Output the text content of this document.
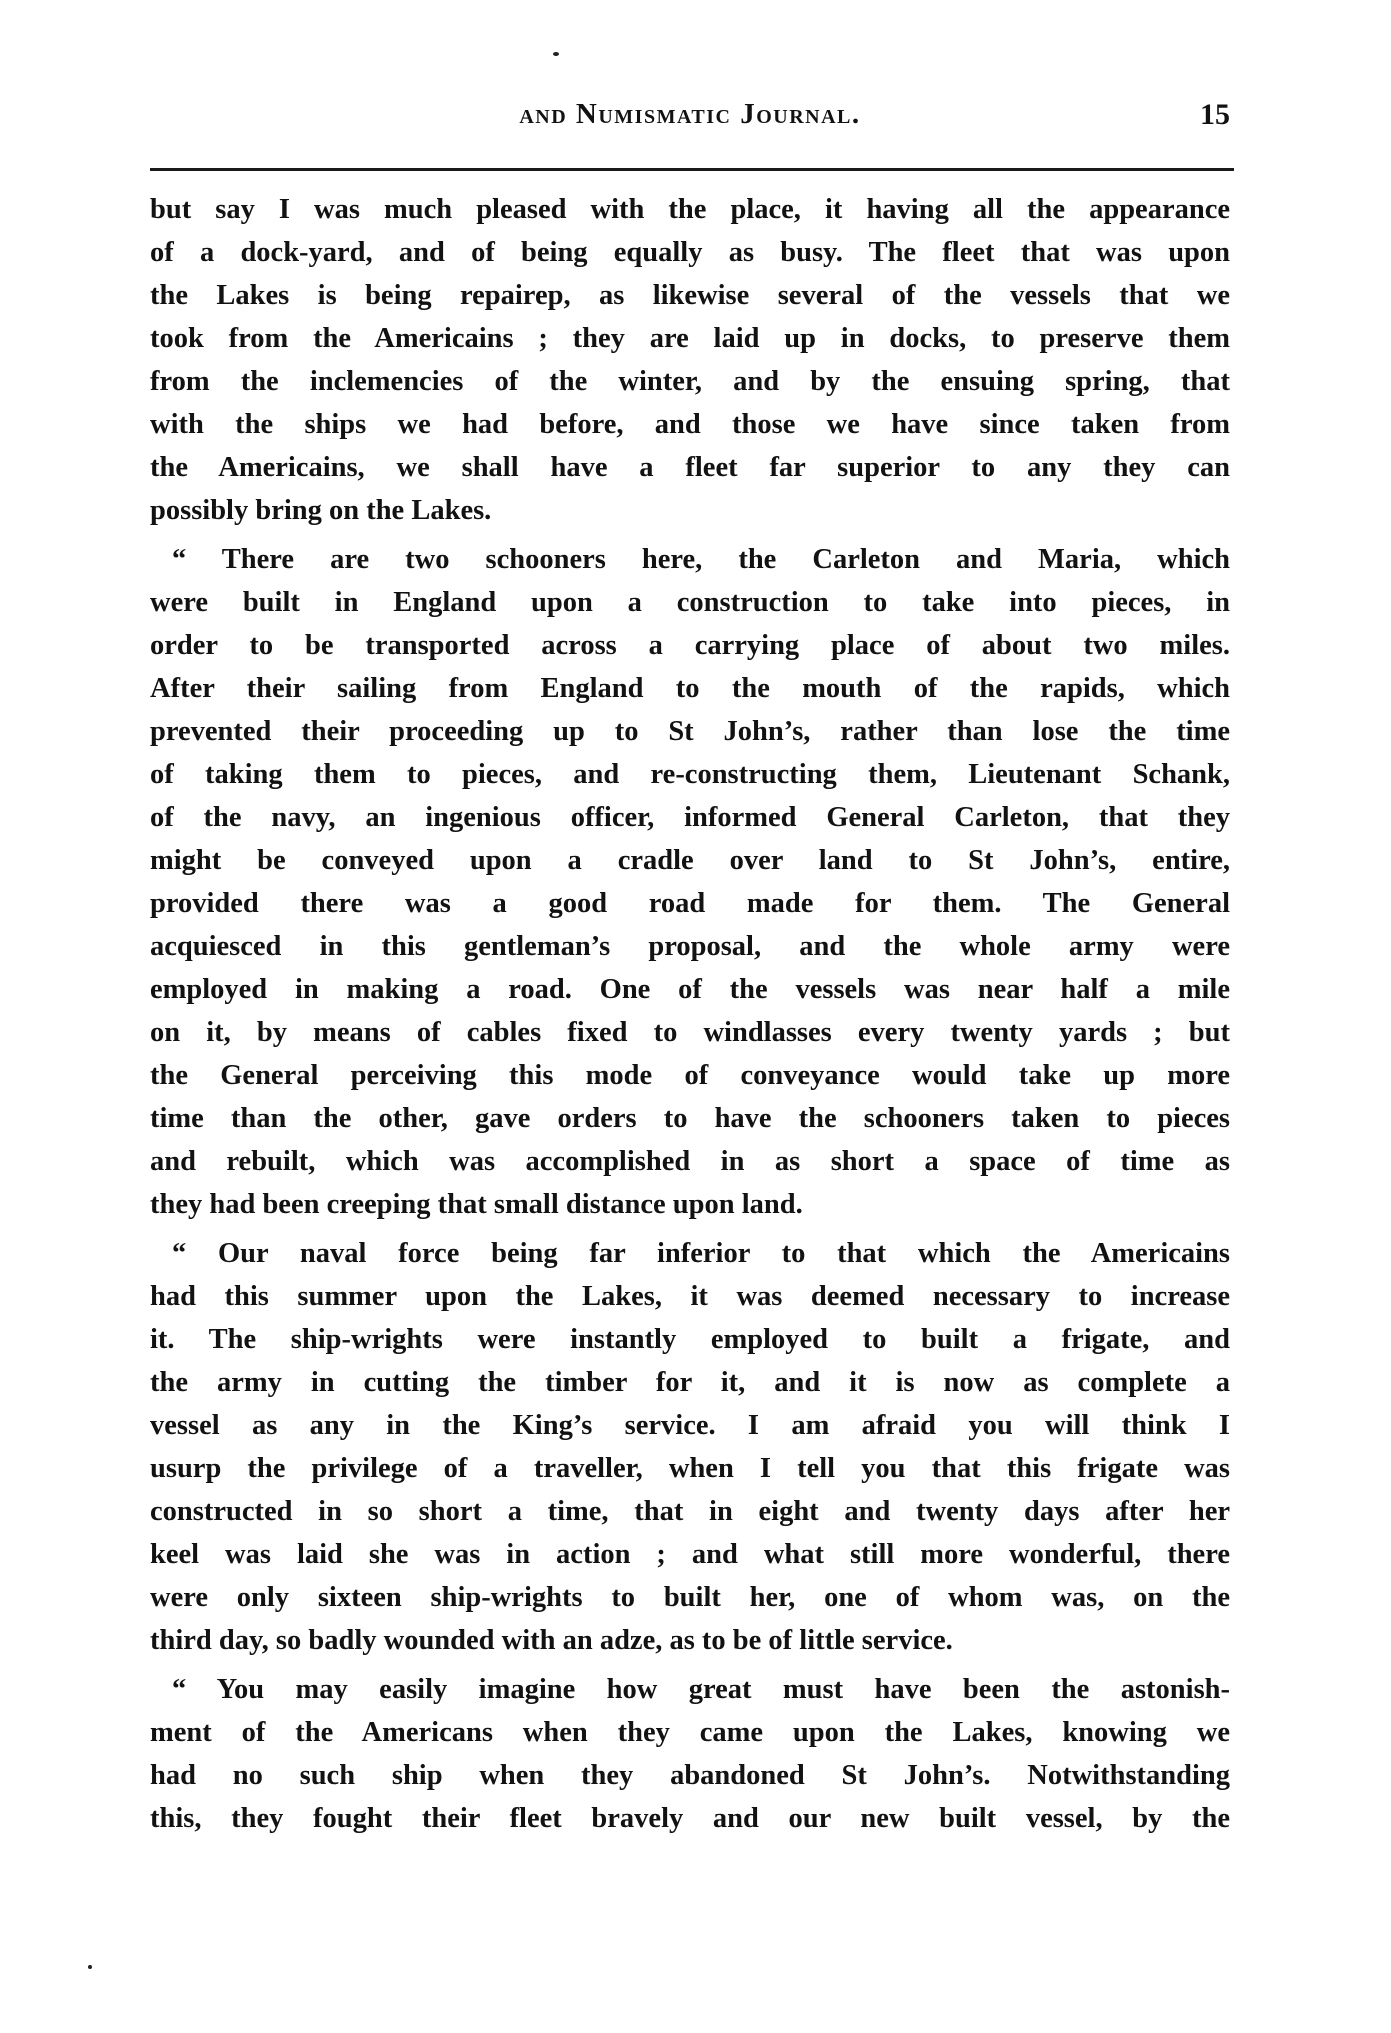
and Numismatic Journal.	15
but say I was much pleased with the place, it having all the appearance
of a dock-yard, and of being equally as busy. The fleet that was upon
the Lakes is being repairep, as likewise several of the vessels that we
took from the Americains ; they are laid up in docks, to preserve them
from the inclemencies of the winter, and by the ensuing spring, that
with the ships we had before, and those we have since taken from
the Americains, we shall have a fleet far superior to any they can
possibly bring on the Lakes.
“ There are two schooners here, the Carleton and Maria, which
were built in England upon a construction to take into pieces, in
order to be transported across a carrying place of about two miles.
After their sailing from England to the mouth of the rapids, which
prevented their proceeding up to St John’s, rather than lose the time
of taking them to pieces, and re-constructing them, Lieutenant Schank,
of the navy, an ingenious officer, informed General Carleton, that they
might be conveyed upon a cradle over land to St John’s, entire,
provided there was a good road made for them. The General
acquiesced in this gentleman’s proposal, and the whole army were
employed in making a road. One of the vessels was near half a mile
on it, by means of cables fixed to windlasses every twenty yards ; but
the General perceiving this mode of conveyance would take up more
time than the other, gave orders to have the schooners taken to pieces
and rebuilt, which was accomplished in as short a space of time as
they had been creeping that small distance upon land.
“ Our naval force being far inferior to that which the Americains
had this summer upon the Lakes, it was deemed necessary to increase
it. The ship-wrights were instantly employed to built a frigate, and
the army in cutting the timber for it, and it is now as complete a
vessel as any in the King’s service. I am afraid you will think I
usurp the privilege of a traveller, when I tell you that this frigate was
constructed in so short a time, that in eight and twenty days after her
keel was laid she was in action ; and what still more wonderful, there
were only sixteen ship-wrights to built her, one of whom was, on the
third day, so badly wounded with an adze, as to be of little service.
“ You may easily imagine how great must have been the astonish-
ment of the Americans when they came upon the Lakes, knowing we
had no such ship when they abandoned St John’s. Notwithstanding
this, they fought their fleet bravely and our new built vessel, by the
